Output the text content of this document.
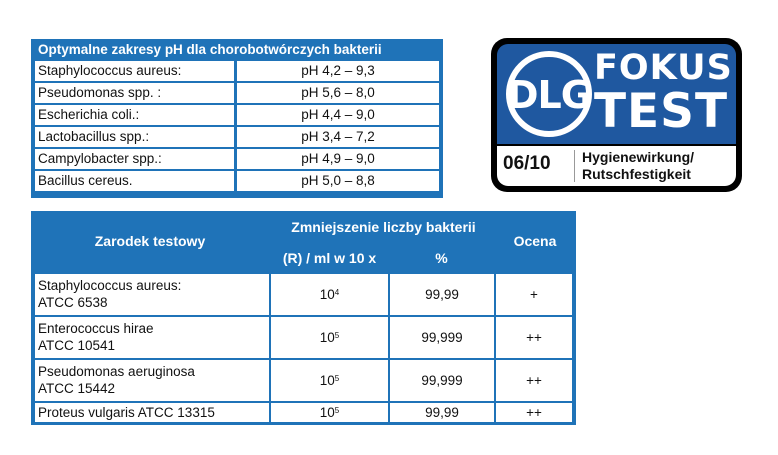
Optymalne zakresy pH dla chorobotwórczych bakterii
Staphylococcus aureus:	pH 4,2 – 9,3
Pseudomonas spp. :	pH 5,6 – 8,0
Escherichia coli.:	pH 4,4 – 9,0
Lactobacillus spp.:	pH 3,4 – 7,2
Campylobacter spp.:	pH 4,9 – 9,0
Bacillus cereus.	pH 5,0 – 8,8
DLG
FOKUS
TEST
06/10 Hygienewirkung/
Rutschfestigkeit
Zarodek testowy
Zmniejszenie liczby bakterii
(R) / ml w 10 x	%
Ocena
Staphylococcus aureus:
ATCC 6538
$10^4$	99,99	+
Enterococcus hirae
ATCC 10541
$10^5$	99,999	++
Pseudomonas aeruginosa
ATCC 15442
$10^5$	99,999	++
Proteus vulgaris ATCC 13315	$10^5$	99,99	++
